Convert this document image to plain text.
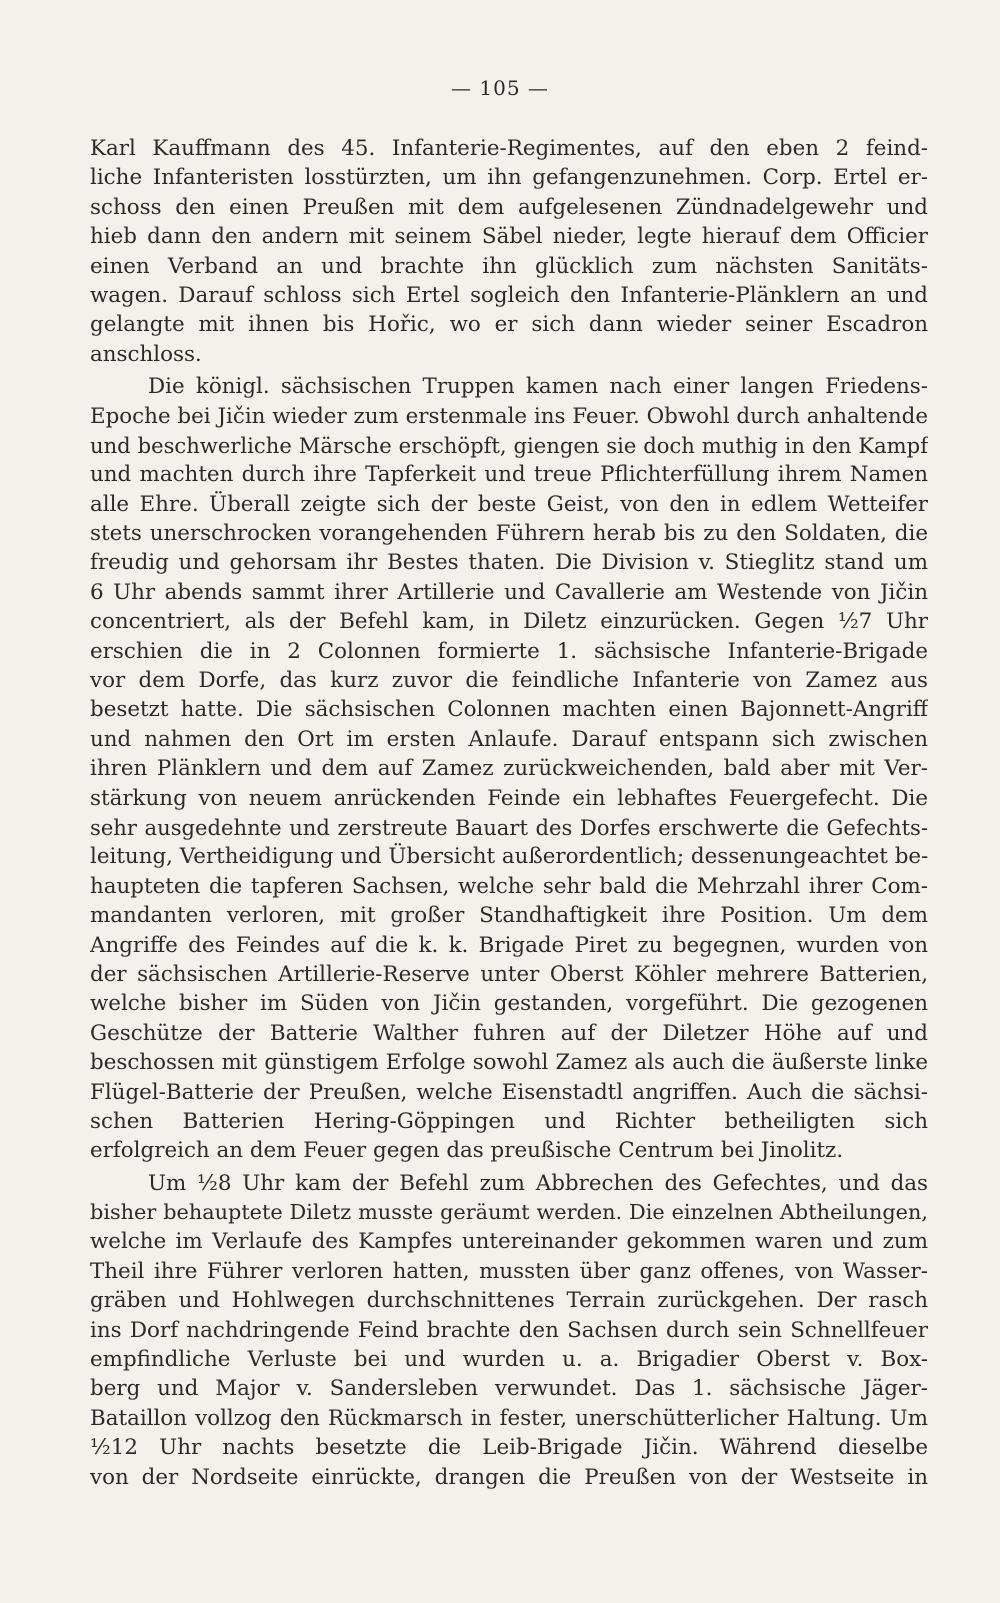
— 105 —
Karl Kauffmann des 45. Infanterie-Regimentes, auf den eben 2 feind-
liche Infanteristen losstürzten, um ihn gefangenzunehmen. Corp. Ertel er-
schoss den einen Preußen mit dem aufgelesenen Zündnadelgewehr und
hieb dann den andern mit seinem Säbel nieder, legte hierauf dem Officier
einen Verband an und brachte ihn glücklich zum nächsten Sanitäts-
wagen. Darauf schloss sich Ertel sogleich den Infanterie-Plänklern an und
gelangte mit ihnen bis Hořic, wo er sich dann wieder seiner Escadron
anschloss.
Die königl. sächsischen Truppen kamen nach einer langen Friedens-
Epoche bei Jičin wieder zum erstenmale ins Feuer. Obwohl durch anhaltende
und beschwerliche Märsche erschöpft, giengen sie doch muthig in den Kampf
und machten durch ihre Tapferkeit und treue Pflichterfüllung ihrem Namen
alle Ehre. Überall zeigte sich der beste Geist, von den in edlem Wetteifer
stets unerschrocken vorangehenden Führern herab bis zu den Soldaten, die
freudig und gehorsam ihr Bestes thaten. Die Division v. Stieglitz stand um
6 Uhr abends sammt ihrer Artillerie und Cavallerie am Westende von Jičin
concentriert, als der Befehl kam, in Diletz einzurücken. Gegen ½7 Uhr
erschien die in 2 Colonnen formierte 1. sächsische Infanterie-Brigade
vor dem Dorfe, das kurz zuvor die feindliche Infanterie von Zamez aus
besetzt hatte. Die sächsischen Colonnen machten einen Bajonnett-Angriff
und nahmen den Ort im ersten Anlaufe. Darauf entspann sich zwischen
ihren Plänklern und dem auf Zamez zurückweichenden, bald aber mit Ver-
stärkung von neuem anrückenden Feinde ein lebhaftes Feuergefecht. Die
sehr ausgedehnte und zerstreute Bauart des Dorfes erschwerte die Gefechts-
leitung, Vertheidigung und Übersicht außerordentlich; dessenungeachtet be-
haupteten die tapferen Sachsen, welche sehr bald die Mehrzahl ihrer Com-
mandanten verloren, mit großer Standhaftigkeit ihre Position. Um dem
Angriffe des Feindes auf die k. k. Brigade Piret zu begegnen, wurden von
der sächsischen Artillerie-Reserve unter Oberst Köhler mehrere Batterien,
welche bisher im Süden von Jičin gestanden, vorgeführt. Die gezogenen
Geschütze der Batterie Walther fuhren auf der Diletzer Höhe auf und
beschossen mit günstigem Erfolge sowohl Zamez als auch die äußerste linke
Flügel-Batterie der Preußen, welche Eisenstadtl angriffen. Auch die sächsi-
schen Batterien Hering-Göppingen und Richter betheiligten sich
erfolgreich an dem Feuer gegen das preußische Centrum bei Jinolitz.
Um ½8 Uhr kam der Befehl zum Abbrechen des Gefechtes, und das
bisher behauptete Diletz musste geräumt werden. Die einzelnen Abtheilungen,
welche im Verlaufe des Kampfes untereinander gekommen waren und zum
Theil ihre Führer verloren hatten, mussten über ganz offenes, von Wasser-
gräben und Hohlwegen durchschnittenes Terrain zurückgehen. Der rasch
ins Dorf nachdringende Feind brachte den Sachsen durch sein Schnellfeuer
empfindliche Verluste bei und wurden u. a. Brigadier Oberst v. Box-
berg und Major v. Sandersleben verwundet. Das 1. sächsische Jäger-
Bataillon vollzog den Rückmarsch in fester, unerschütterlicher Haltung. Um
½12 Uhr nachts besetzte die Leib-Brigade Jičin. Während dieselbe
von der Nordseite einrückte, drangen die Preußen von der Westseite in
